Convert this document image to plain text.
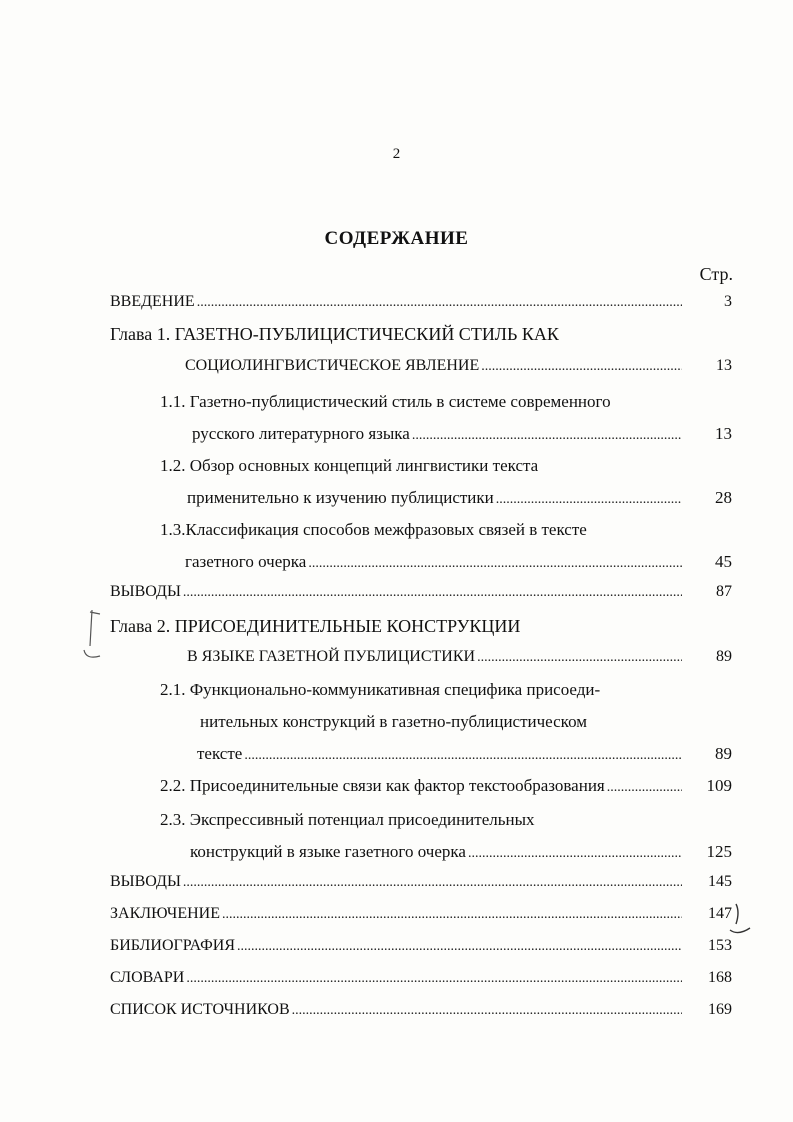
2
СОДЕРЖАНИЕ
Стр.
ВВЕДЕНИЕ .....	3
Глава 1. ГАЗЕТНО-ПУБЛИЦИСТИЧЕСКИЙ СТИЛЬ КАК
СОЦИОЛИНГВИСТИЧЕСКОЕ ЯВЛЕНИЕ .....	13
1.1. Газетно-публицистический стиль в системе современного
русского литературного языка .....	13
1.2. Обзор основных концепций лингвистики текста
применительно к изучению публицистики .....	28
1.3.Классификация способов межфразовых связей в тексте
газетного очерка .....	45
ВЫВОДЫ .....	87
Глава 2. ПРИСОЕДИНИТЕЛЬНЫЕ КОНСТРУКЦИИ
В ЯЗЫКЕ ГАЗЕТНОЙ ПУБЛИЦИСТИКИ .....	89
2.1. Функционально-коммуникативная специфика присоеди-
нительных конструкций в газетно-публицистическом
тексте .....	89
2.2. Присоединительные связи как фактор текстообразования .....	109
2.3. Экспрессивный потенциал присоединительных
конструкций в языке газетного очерка .....	125
ВЫВОДЫ .....	145
ЗАКЛЮЧЕНИЕ .....	147
БИБЛИОГРАФИЯ .....	153
СЛОВАРИ .....	168
СПИСОК ИСТОЧНИКОВ .....	169
